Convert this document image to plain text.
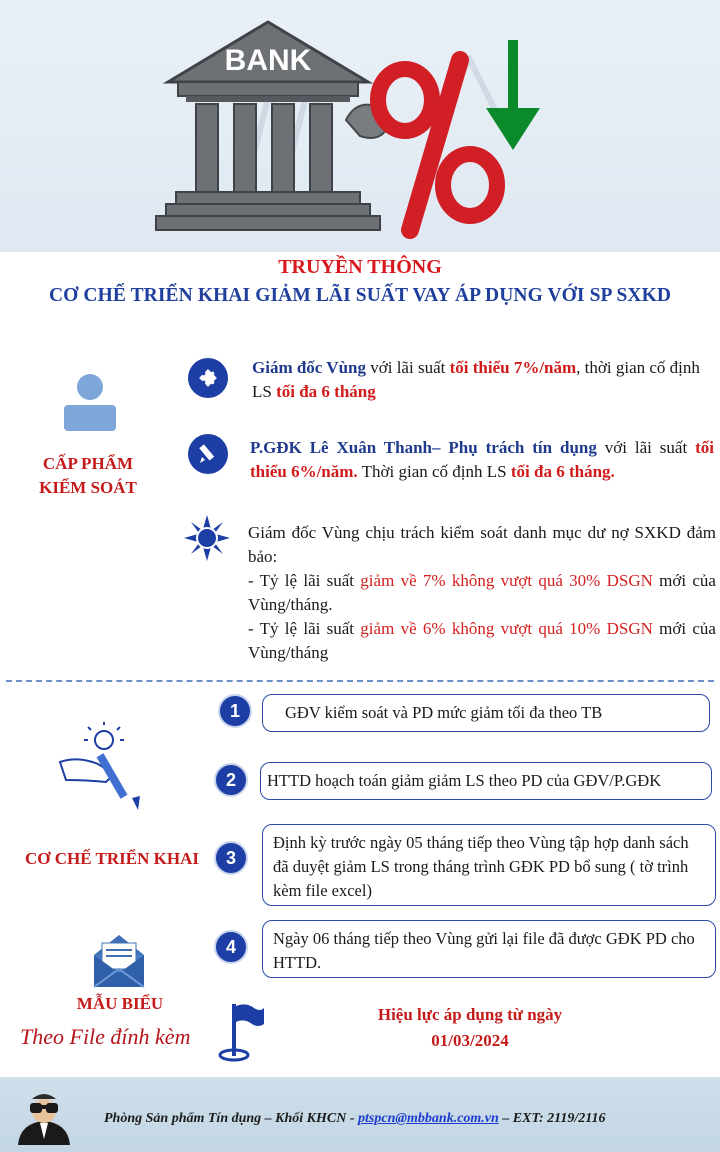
BANK
TRUYỀN THÔNG
CƠ CHẾ TRIỂN KHAI GIẢM LÃI SUẤT VAY ÁP DỤNG VỚI SP SXKD
CẤP PHẨM
KIỂM SOÁT
Giám đốc Vùng với lãi suất tối thiểu 7%/năm, thời gian cố định LS tối đa 6 tháng
P.GĐK Lê Xuân Thanh– Phụ trách tín dụng với lãi suất tối thiểu 6%/năm. Thời gian cố định LS tối đa 6 tháng.
Giám đốc Vùng chịu trách kiểm soát danh mục dư nợ SXKD đảm bảo:
- Tỷ lệ lãi suất giảm về 7% không vượt quá 30% DSGN mới của Vùng/tháng.
- Tỷ lệ lãi suất giảm về 6% không vượt quá 10% DSGN mới của Vùng/tháng
CƠ CHẾ TRIỂN KHAI
1	GĐV kiểm soát và PD mức giảm tối đa theo TB
2	HTTD hoạch toán giảm giảm LS theo PD của GĐV/P.GĐK
3
Định kỳ trước ngày 05 tháng tiếp theo Vùng tập hợp danh sách đã duyệt giảm LS trong tháng trình GĐK PD bổ sung ( tờ trình kèm file excel)
4	Ngày 06 tháng tiếp theo Vùng gửi lại file đã được GĐK PD cho HTTD.
MẪU BIỂU
Theo File đính kèm
Hiệu lực áp dụng từ ngày
01/03/2024
Phòng Sản phẩm Tín dụng – Khối KHCN - ptspcn@mbbank.com.vn – EXT: 2119/2116
